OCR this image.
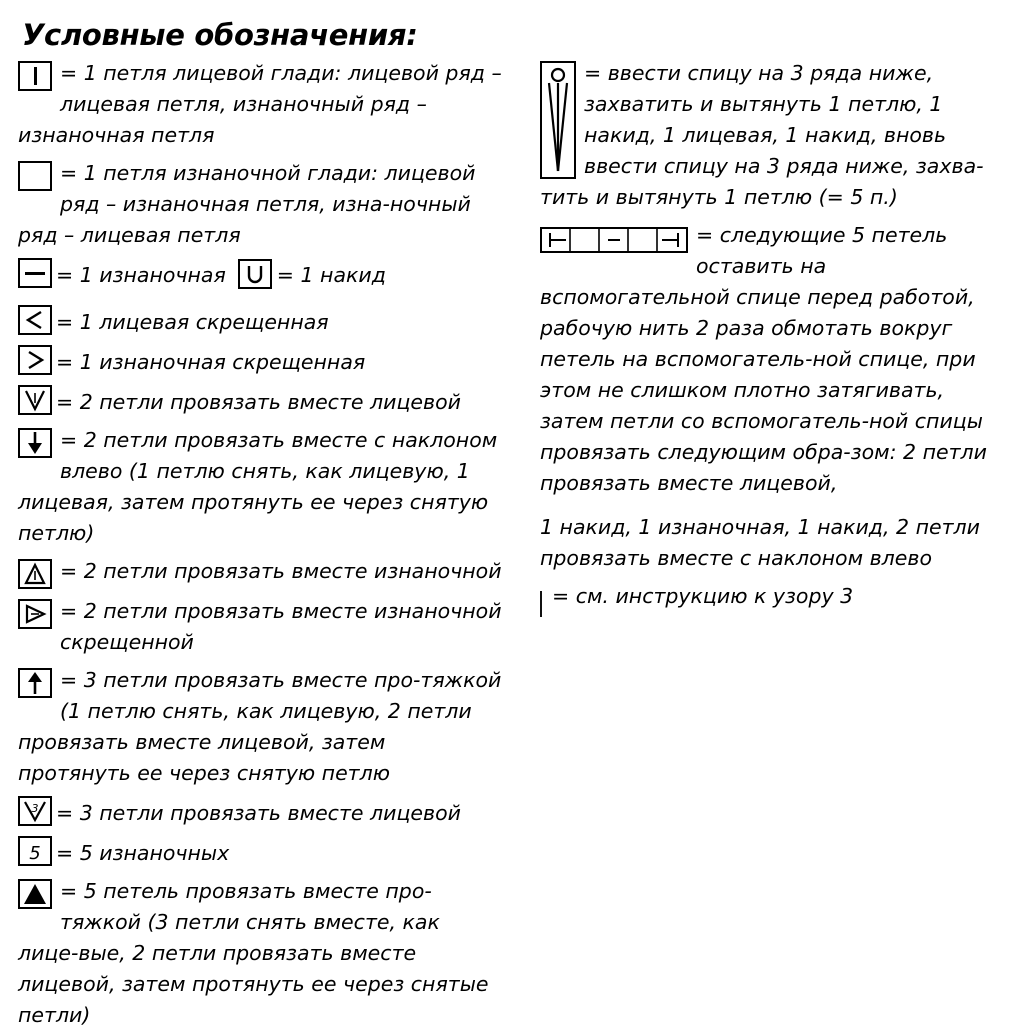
Условные обозначения:
= 1 петля лицевой глади: лицевой ряд – лицевая петля, изнаночный ряд – изнаночная петля
= 1 петля изнаночной глади: лицевой ряд – изнаночная петля, изна-ночный ряд – лицевая петля
= 1 изнаночная = 1 накид
= 1 лицевая скрещенная
= 1 изнаночная скрещенная
= 2 петли провязать вместе лицевой
= 2 петли провязать вместе с наклоном влево (1 петлю снять, как лицевую, 1 лицевая, затем протянуть ее через снятую петлю)
= 2 петли провязать вместе изнаночной
= 2 петли провязать вместе изнаночной скрещенной
= 3 петли провязать вместе про-тяжкой (1 петлю снять, как лицевую, 2 петли провязать вместе лицевой, затем протянуть ее через снятую петлю
3 = 3 петли провязать вместе лицевой
5 = 5 изнаночных
= 5 петель провязать вместе про-тяжкой (3 петли снять вместе, как лице-вые, 2 петли провязать вместе лицевой, затем протянуть ее через снятые петли)
= ввести спицу на 3 ряда ниже, захватить и вытянуть 1 петлю, 1 накид, 1 лицевая, 1 накид, вновь ввести спицу на 3 ряда ниже, захва-тить и вытянуть 1 петлю (= 5 п.)
= следующие 5 петель оставить на вспомогательной спице перед работой, рабочую нить 2 раза обмотать вокруг петель на вспомогатель-ной спице, при этом не слишком плотно затягивать, затем петли со вспомогатель-ной спицы провязать следующим обра-зом: 2 петли провязать вместе лицевой,
1 накид, 1 изнаночная, 1 накид, 2 петли провязать вместе с наклоном влево
= см. инструкцию к узору 3
